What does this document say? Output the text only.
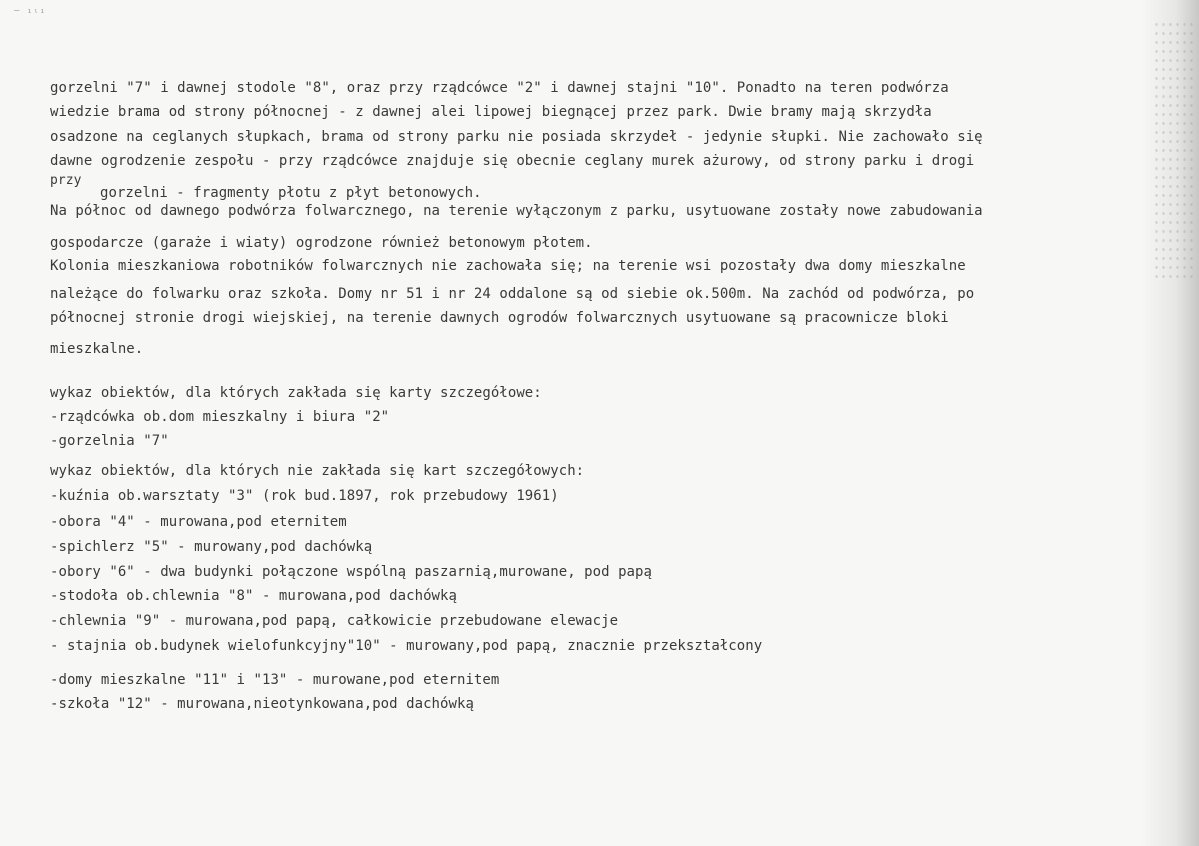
— ₁ₗ₁

gorzelni "7" i dawnej stodole "8", oraz przy rządcówce "2" i dawnej stajni "10". Ponadto na teren podwórza

wiedzie brama od strony północnej - z dawnej alei lipowej biegnącej przez park. Dwie bramy mają skrzydła

osadzone na ceglanych słupkach, brama od strony parku nie posiada skrzydeł - jedynie słupki. Nie zachowało się

dawne ogrodzenie zespołu - przy rządcówce znajduje się obecnie ceglany murek ażurowy, od strony parku i drogi

przy

gorzelni - fragmenty płotu z płyt betonowych.

Na północ od dawnego podwórza folwarcznego, na terenie wyłączonym z parku, usytuowane zostały nowe zabudowania

gospodarcze (garaże i wiaty) ogrodzone również betonowym płotem.

Kolonia mieszkaniowa robotników folwarcznych nie zachowała się; na terenie wsi pozostały dwa domy mieszkalne

należące do folwarku oraz szkoła. Domy nr 51 i nr 24 oddalone są od siebie ok.500m. Na zachód od podwórza, po

północnej stronie drogi wiejskiej, na terenie dawnych ogrodów folwarcznych usytuowane są pracownicze bloki

mieszkalne.

wykaz obiektów, dla których zakłada się karty szczegółowe:

-rządcówka ob.dom mieszkalny i biura "2"

-gorzelnia "7"

wykaz obiektów, dla których nie zakłada się kart szczegółowych:

-kuźnia ob.warsztaty "3" (rok bud.1897, rok przebudowy 1961)

-obora "4" - murowana,pod eternitem

-spichlerz "5" - murowany,pod dachówką

-obory "6" - dwa budynki połączone wspólną paszarnią,murowane, pod papą

-stodoła ob.chlewnia "8" - murowana,pod dachówką

-chlewnia "9" - murowana,pod papą, całkowicie przebudowane elewacje

- stajnia ob.budynek wielofunkcyjny"10" - murowany,pod papą, znacznie przekształcony

-domy mieszkalne "11" i "13" - murowane,pod eternitem

-szkoła "12" - murowana,nieotynkowana,pod dachówką
